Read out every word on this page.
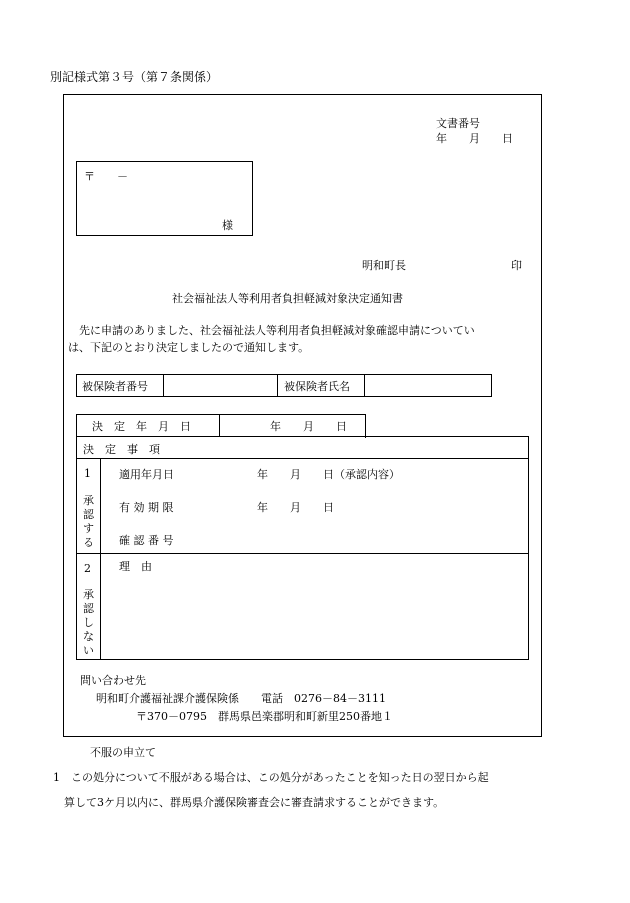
別記様式第３号（第７条関係）
文書番号
年　　月　　日
〒　　－
様
明和町長	印
社会福祉法人等利用者負担軽減対象決定通知書
　先に申請のありました、社会福祉法人等利用者負担軽減対象確認申請についてい
は、下記のとおり決定しましたので通知します。
被保険者番号	被保険者氏名
決　定　年　月　日	年　　月　　日
決　定　事　項
1
承
認
す
る
適用年月日	年　　月　　日（承認内容）
有 効 期 限	年　　月　　日
確 認 番 号
2
承
認
し
な
い
理　由
問い合わせ先
明和町介護福祉課介護保険係　　電話　0276－84－3111
〒370－0795　群馬県邑楽郡明和町新里250番地１
不服の申立て
1　この処分について不服がある場合は、この処分があったことを知った日の翌日から起
算して3ケ月以内に、群馬県介護保険審査会に審査請求することができます。
